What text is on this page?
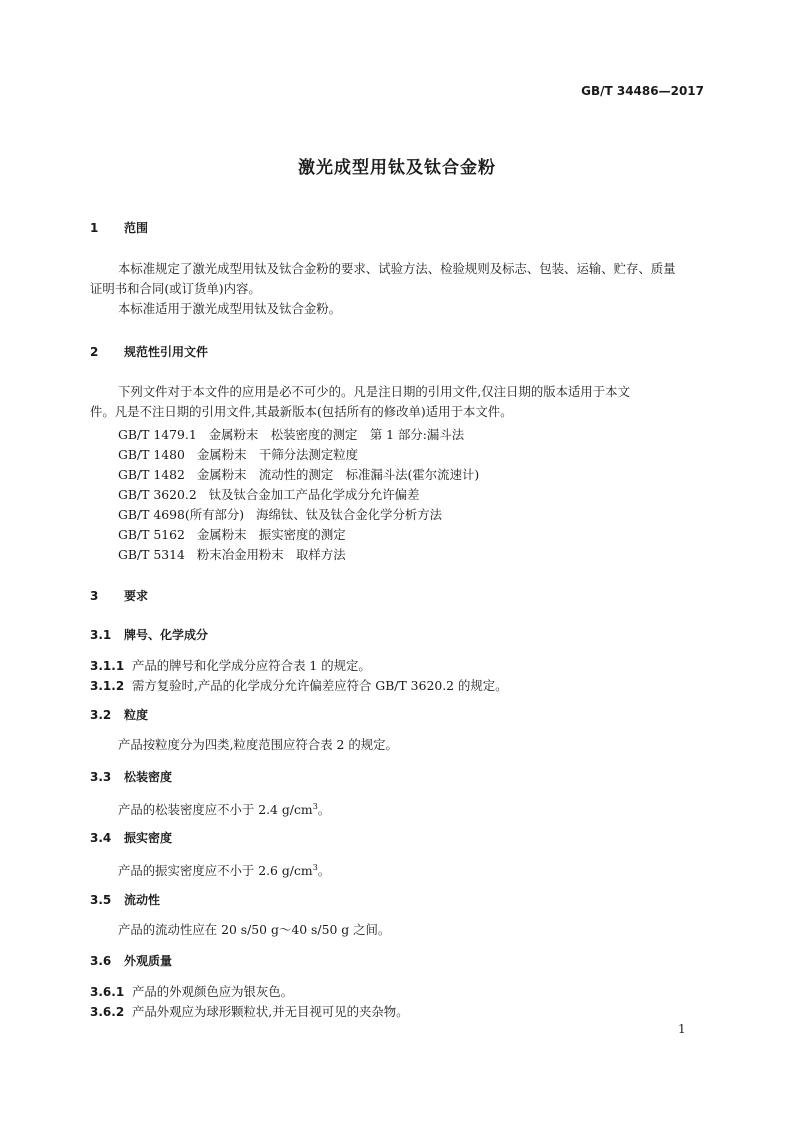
GB/T 34486—2017
激光成型用钛及钛合金粉
1 范围
本标准规定了激光成型用钛及钛合金粉的要求、试验方法、检验规则及标志、包装、运输、贮存、质量
证明书和合同(或订货单)内容。
本标准适用于激光成型用钛及钛合金粉。
2 规范性引用文件
下列文件对于本文件的应用是必不可少的。凡是注日期的引用文件,仅注日期的版本适用于本文
件。凡是不注日期的引用文件,其最新版本(包括所有的修改单)适用于本文件。
GB/T 1479.1 金属粉末　松装密度的测定　第 1 部分:漏斗法
GB/T 1480 金属粉末　干筛分法测定粒度
GB/T 1482 金属粉末　流动性的测定　标准漏斗法(霍尔流速计)
GB/T 3620.2 钛及钛合金加工产品化学成分允许偏差
GB/T 4698(所有部分) 海绵钛、钛及钛合金化学分析方法
GB/T 5162 金属粉末　振实密度的测定
GB/T 5314 粉末冶金用粉末　取样方法
3 要求
3.1 牌号、化学成分
3.1.1 产品的牌号和化学成分应符合表 1 的规定。
3.1.2 需方复验时,产品的化学成分允许偏差应符合 GB/T 3620.2 的规定。
3.2 粒度
产品按粒度分为四类,粒度范围应符合表 2 的规定。
3.3 松装密度
产品的松装密度应不小于 2.4 $g/cm^3$。
3.4 振实密度
产品的振实密度应不小于 2.6 $g/cm^3$。
3.5 流动性
产品的流动性应在 20 s/50 g～40 s/50 g 之间。
3.6 外观质量
3.6.1 产品的外观颜色应为银灰色。
3.6.2 产品外观应为球形颗粒状,并无目视可见的夹杂物。
1
